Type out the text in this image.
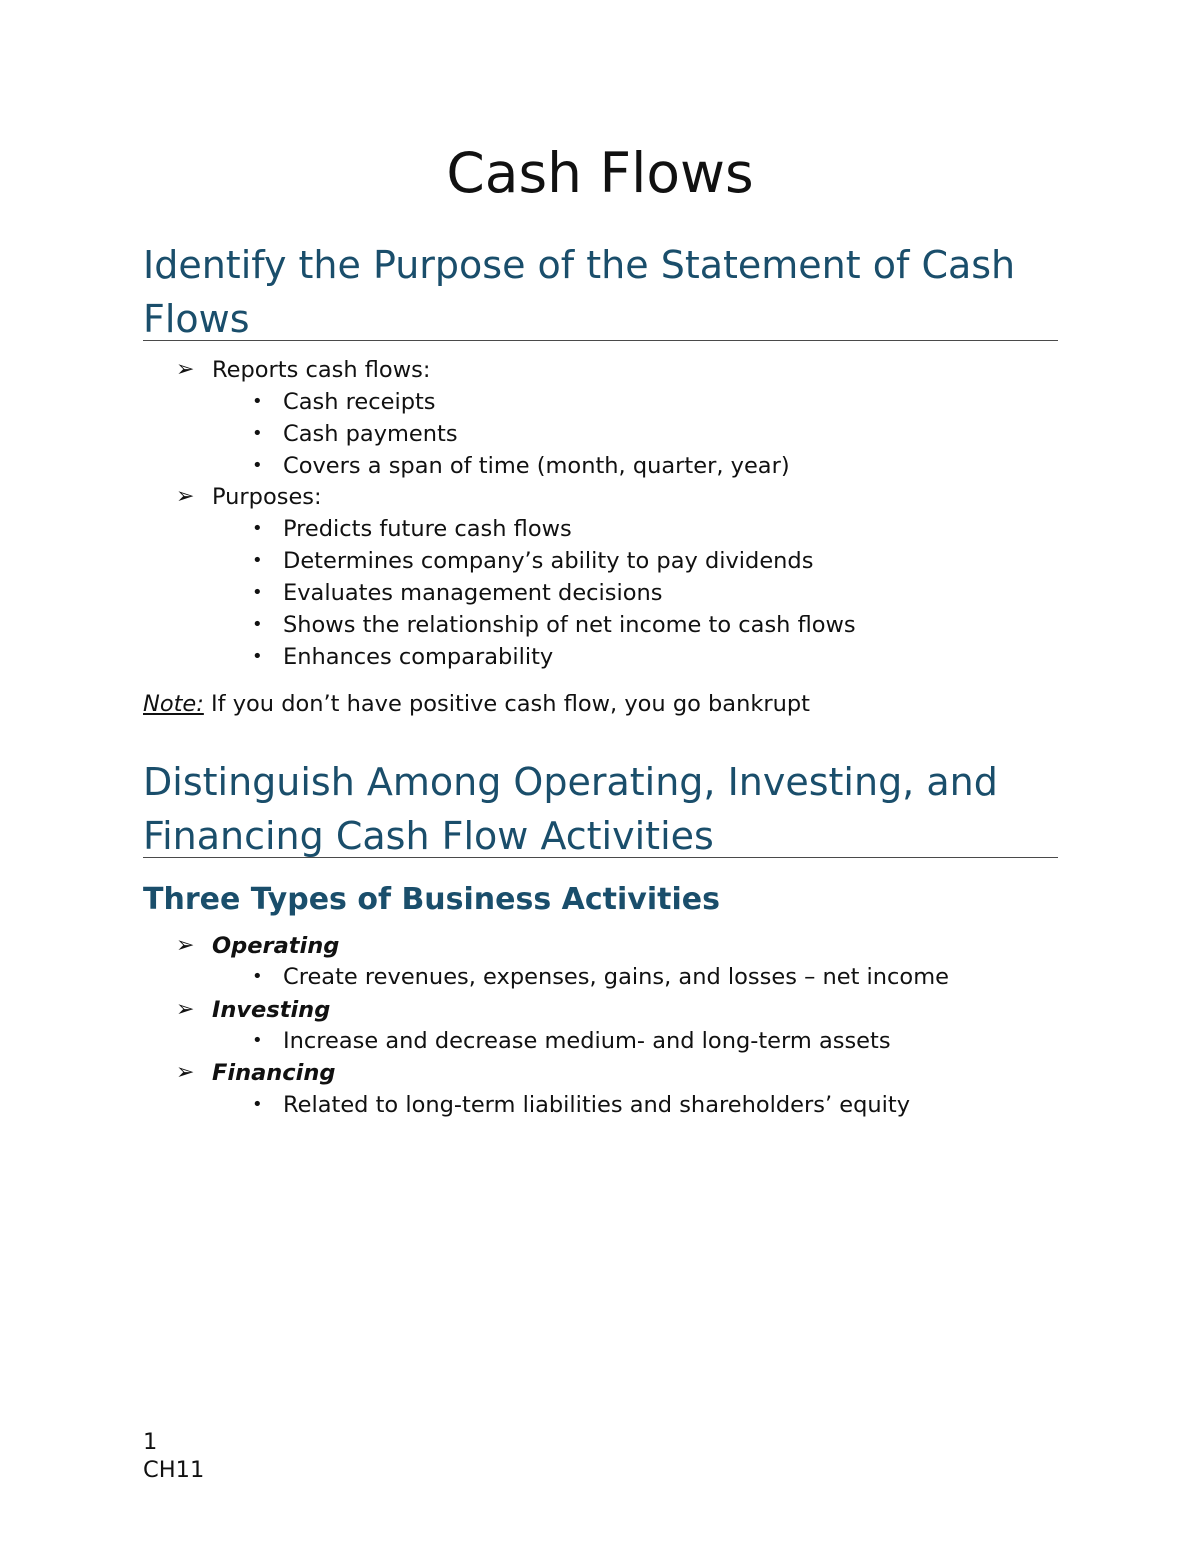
Cash Flows
Identify the Purpose of the Statement of Cash Flows
➢ Reports cash flows:
• Cash receipts
• Cash payments
• Covers a span of time (month, quarter, year)
➢ Purposes:
• Predicts future cash flows
• Determines company’s ability to pay dividends
• Evaluates management decisions
• Shows the relationship of net income to cash flows
• Enhances comparability
Note: If you don’t have positive cash flow, you go bankrupt
Distinguish Among Operating, Investing, and Financing Cash Flow Activities
Three Types of Business Activities
➢ Operating
• Create revenues, expenses, gains, and losses – net income
➢ Investing
• Increase and decrease medium- and long-term assets
➢ Financing
• Related to long-term liabilities and shareholders’ equity
1
CH11
